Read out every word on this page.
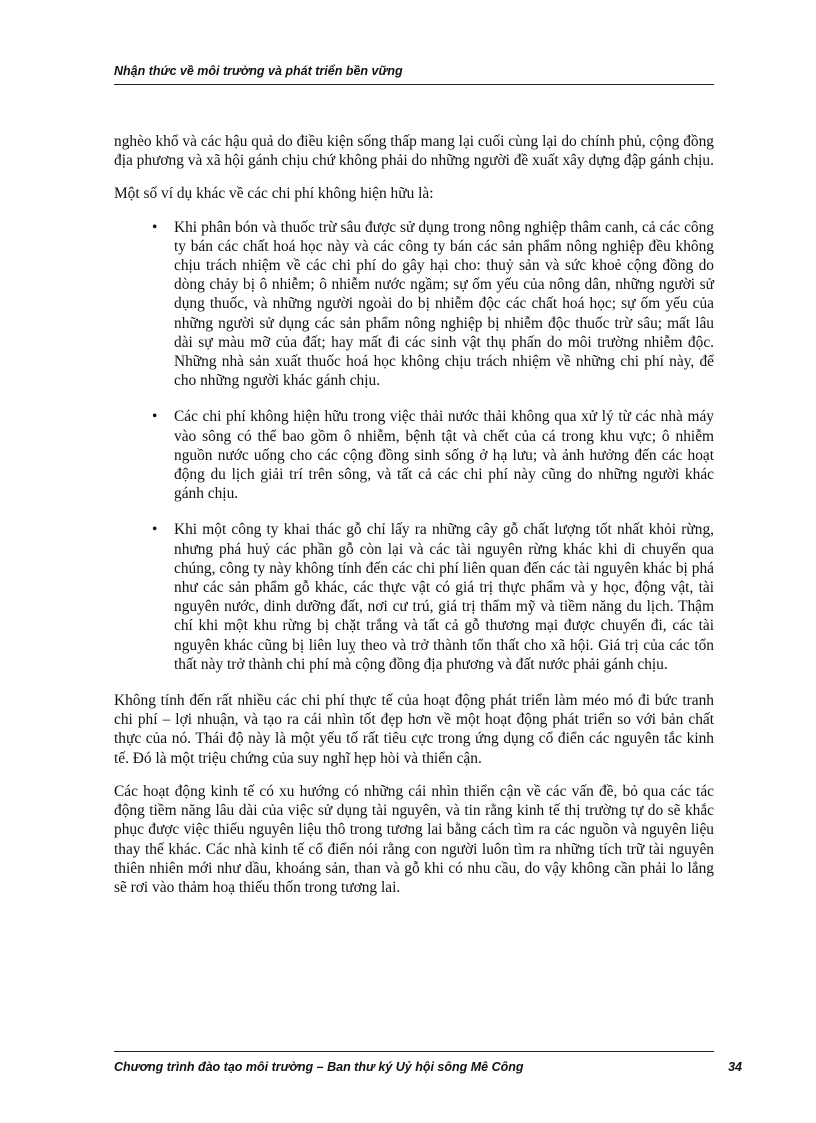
Nhận thức về môi trường và phát triển bền vững

nghèo khổ và các hậu quả do điều kiện sống thấp mang lại cuối cùng lại do chính phủ, cộng đồng địa phương và xã hội gánh chịu chứ không phải do những người đề xuất xây dựng đập gánh chịu.

Một số ví dụ khác về các chi phí không hiện hữu là:

• Khi phân bón và thuốc trừ sâu được sử dụng trong nông nghiệp thâm canh, cả các công ty bán các chất hoá học này và các công ty bán các sản phẩm nông nghiệp đều không chịu trách nhiệm về các chi phí do gây hại cho: thuỷ sản và sức khoẻ cộng đồng do dòng chảy bị ô nhiễm; ô nhiễm nước ngầm; sự ốm yếu của nông dân, những người sử dụng thuốc, và những người ngoài do bị nhiễm độc các chất hoá học; sự ốm yếu của những người sử dụng các sản phẩm nông nghiệp bị nhiễm độc thuốc trừ sâu; mất lâu dài sự màu mỡ của đất; hay mất đi các sinh vật thụ phấn do môi trường nhiễm độc. Những nhà sản xuất thuốc hoá học không chịu trách nhiệm về những chi phí này, để cho những người khác gánh chịu.
• Các chi phí không hiện hữu trong việc thải nước thải không qua xử lý từ các nhà máy vào sông có thể bao gồm ô nhiễm, bệnh tật và chết của cá trong khu vực; ô nhiễm nguồn nước uống cho các cộng đồng sinh sống ở hạ lưu; và ảnh hưởng đến các hoạt động du lịch giải trí trên sông, và tất cả các chi phí này cũng do những người khác gánh chịu.
• Khi một công ty khai thác gỗ chỉ lấy ra những cây gỗ chất lượng tốt nhất khỏi rừng, nhưng phá huỷ các phần gỗ còn lại và các tài nguyên rừng khác khi di chuyển qua chúng, công ty này không tính đến các chi phí liên quan đến các tài nguyên khác bị phá như các sản phẩm gỗ khác, các thực vật có giá trị thực phẩm và y học, động vật, tài nguyên nước, dinh dưỡng đất, nơi cư trú, giá trị thẩm mỹ và tiềm năng du lịch. Thậm chí khi một khu rừng bị chặt trắng và tất cả gỗ thương mại được chuyển đi, các tài nguyên khác cũng bị liên luỵ theo và trở thành tổn thất cho xã hội. Giá trị của các tổn thất này trở thành chi phí mà cộng đồng địa phương và đất nước phải gánh chịu.

Không tính đến rất nhiều các chi phí thực tế của hoạt động phát triển làm méo mó đi bức tranh chi phí – lợi nhuận, và tạo ra cái nhìn tốt đẹp hơn về một hoạt động phát triển so với bản chất thực của nó. Thái độ này là một yếu tố rất tiêu cực trong ứng dụng cổ điển các nguyên tắc kinh tế. Đó là một triệu chứng của suy nghĩ hẹp hòi và thiển cận.

Các hoạt động kinh tế có xu hướng có những cái nhìn thiển cận về các vấn đề, bỏ qua các tác động tiềm năng lâu dài của việc sử dụng tài nguyên, và tin rằng kinh tế thị trường tự do sẽ khắc phục được việc thiếu nguyên liệu thô trong tương lai bằng cách tìm ra các nguồn và nguyên liệu thay thế khác. Các nhà kinh tế cổ điển nói rằng con người luôn tìm ra những tích trữ tài nguyên thiên nhiên mới như dầu, khoáng sản, than và gỗ khi có nhu cầu, do vậy không cần phải lo lắng sẽ rơi vào thảm hoạ thiếu thốn trong tương lai.

Chương trình đào tạo môi trường – Ban thư ký Uỷ hội sông Mê Công	34
